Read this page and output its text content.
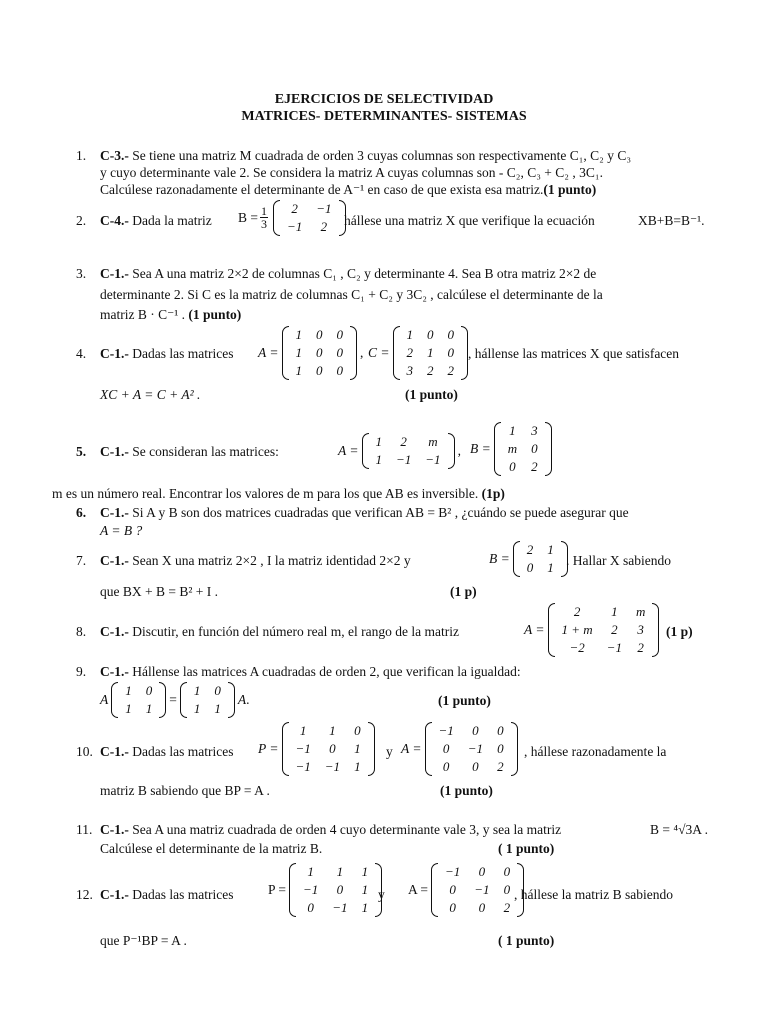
EJERCICIOS DE SELECTIVIDAD
MATRICES- DETERMINANTES- SISTEMAS
1. C-3.- Se tiene una matriz M cuadrada de orden 3 cuyas columnas son respectivamente C₁, C₂ y C₃
y cuyo determinante vale 2. Se considera la matriz A cuyas columnas son - C₂, C₃ + C₂ , 3C₁.
Calcúlese razonadamente el determinante de A⁻¹ en caso de que exista esa matriz.(1 punto)
2. C-4.- Dada la matriz $B = \frac{1}{3} 2$	−1
−1	2 hállese una matriz X que verifique la ecuación	XB+B=B⁻¹.
3. C-1.- Sea A una matriz 2×2 de columnas C₁ , C₂ y determinante 4. Sea B otra matriz 2×2 de
determinante 2. Si C es la matriz de columnas C₁ + C₂ y 3C₂ , calcúlese el determinante de la
matriz B · C⁻¹ . (1 punto)
4. C-1.- Dadas las matrices A =
1	0	0
1	0	0
1	0	0
, C =
1	0	0
2	1	0
3	2	2
, hállense las matrices X que satisfacen
XC + A = C + A² .	(1 punto)
5. C-1.- Se consideran las matrices:	A =
1	2	m
1	−1	−1
, B =
1	3
m	0
0	2
m es un número real. Encontrar los valores de m para los que AB es inversible. (1p)
6. C-1.- Si A y B son dos matrices cuadradas que verifican AB = B² , ¿cuándo se puede asegurar que
A = B ?
7. C-1.- Sean X una matriz 2×2 , I la matriz identidad 2×2 y	B =
2	1
0	1 . Hallar X sabiendo
que BX + B = B² + I .	(1 p)
8. C-1.- Discutir, en función del número real m, el rango de la matriz	A =
2	1	m
1 + m	2	3
−2	−1	2
(1 p)
9. C-1.- Hállense las matrices A cuadradas de orden 2, que verifican la igualdad:
A
1	0
1	1
=
1	0
1	1
A .	(1 punto)
10. C-1.- Dadas las matrices P =
1	1	0
−1	0	1
−1	−1	1
y A =
−1	0	0
0	−1	0
0	0	2
, hállese razonadamente la
matriz B sabiendo que BP = A .	(1 punto)
11. C-1.- Sea A una matriz cuadrada de orden 4 cuyo determinante vale 3, y sea la matriz	B = ⁴√3A .
Calcúlese el determinante de la matriz B.	( 1 punto)
12. C-1.- Dadas las matrices	P =
1	1	1
−1	0	1
0	−1	1
y A =
−1	0	0
0	−1	0
0	0	2
, hállese la matriz B sabiendo
que P⁻¹BP = A .	( 1 punto)
